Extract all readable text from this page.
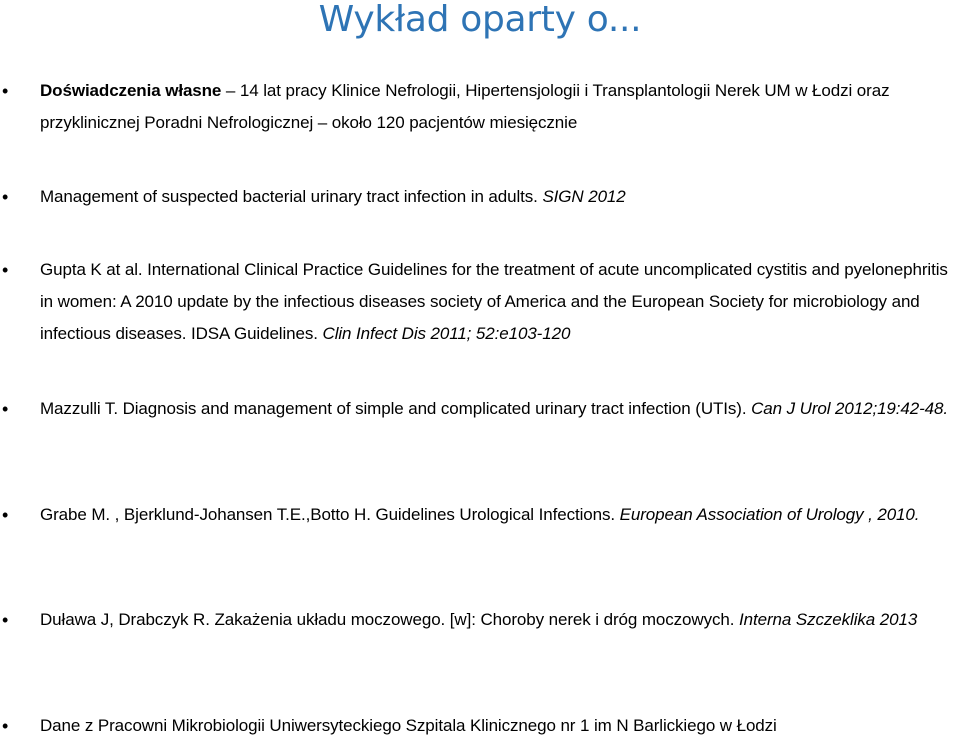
Wykład oparty o...
• Doświadczenia własne – 14 lat pracy Klinice Nefrologii, Hipertensjologii i Transplantologii Nerek UM w Łodzi oraz przyklinicznej Poradni Nefrologicznej – około 120 pacjentów miesięcznie
• Management of suspected bacterial urinary tract infection in adults. SIGN 2012
• Gupta K at al. International Clinical Practice Guidelines for the treatment of acute uncomplicated cystitis and pyelonephritis in women: A 2010 update by the infectious diseases society of America and the European Society for microbiology and infectious diseases. IDSA Guidelines. Clin Infect Dis 2011; 52:e103-120
• Mazzulli T. Diagnosis and management of simple and complicated urinary tract infection (UTIs). Can J Urol 2012;19:42-48.
• Grabe M. , Bjerklund-Johansen T.E.,Botto H. Guidelines Urological Infections. European Association of Urology , 2010.
• Duława J, Drabczyk R. Zakażenia układu moczowego. [w]: Choroby nerek i dróg moczowych. Interna Szczeklika 2013
• Dane z Pracowni Mikrobiologii Uniwersyteckiego Szpitala Klinicznego nr 1 im N Barlickiego w Łodzi
